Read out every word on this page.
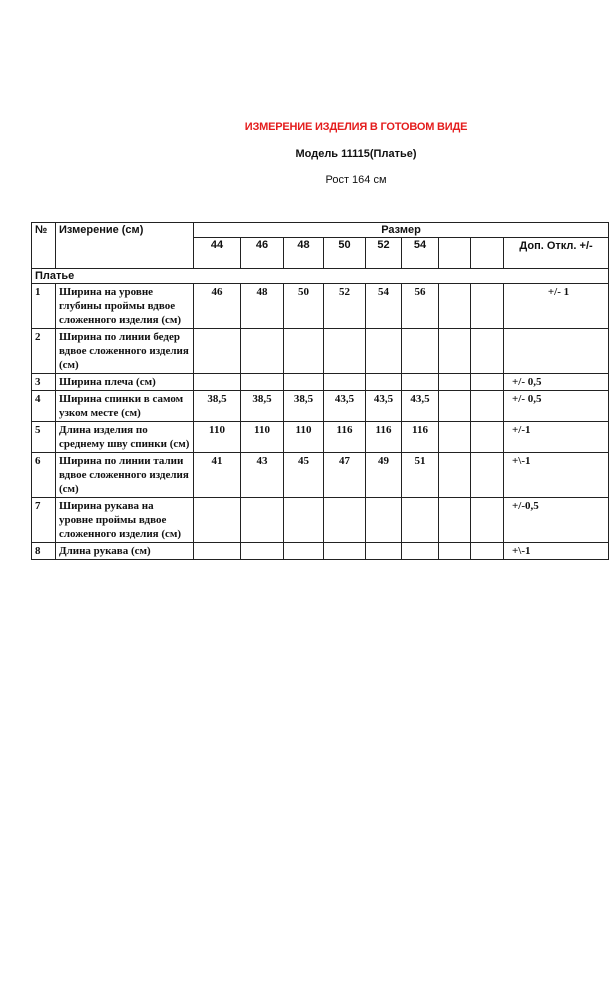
ИЗМЕРЕНИЕ ИЗДЕЛИЯ В ГОТОВОМ ВИДЕ
Модель 11115(Платье)
Рост 164 см
№	Измерение (см)	Размер								
		44	46	48	50	52	54			Доп. Откл. +/-
Платье										
1	Ширина на уровне глубины проймы вдвое сложенного изделия (см)	46	48	50	52	54	56			+/- 1
2	Ширина по линии бедер вдвое сложенного изделия (см)									
3	Ширина плеча (см)									+/- 0,5
4	Ширина спинки в самом узком месте (см)	38,5	38,5	38,5	43,5	43,5	43,5			+/- 0,5
5	Длина изделия по среднему шву спинки (см)	110	110	110	116	116	116			+/-1
6	Ширина по линии талии вдвое сложенного изделия (см)	41	43	45	47	49	51			+\-1
7	Ширина рукава на уровне проймы вдвое сложенного изделия (см)									+/-0,5
8	Длина рукава (см)									+\-1
